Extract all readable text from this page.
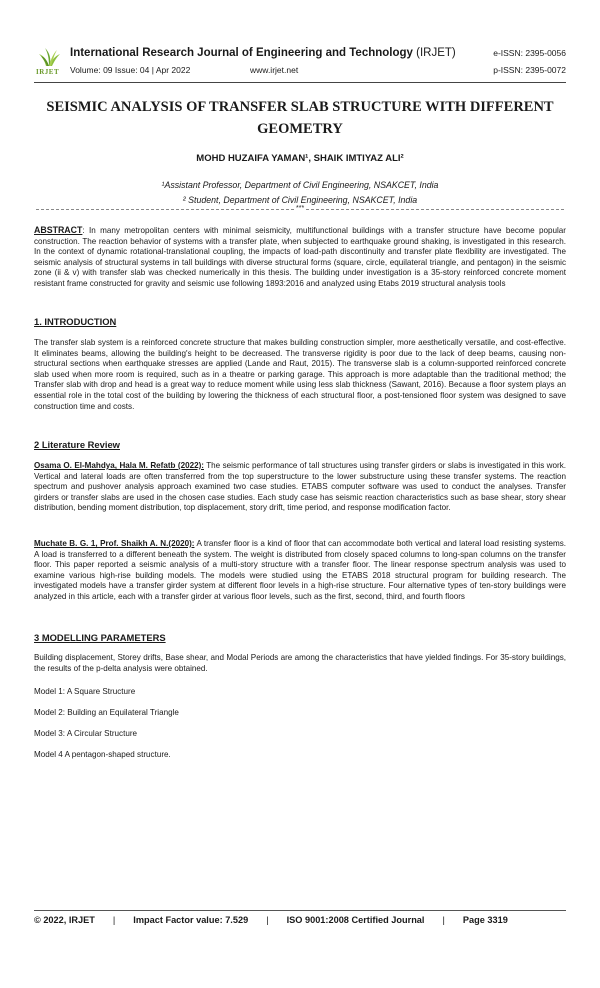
IRJET
International Research Journal of Engineering and Technology (IRJET)
Volume: 09 Issue: 04 | Apr 2022	www.irjet.net
e-ISSN: 2395-0056
p-ISSN: 2395-0072
SEISMIC ANALYSIS OF TRANSFER SLAB STRUCTURE WITH DIFFERENT GEOMETRY
MOHD HUZAIFA YAMAN¹, SHAIK IMTIYAZ ALI²
¹Assistant Professor, Department of Civil Engineering, NSAKCET, India
² Student, Department of Civil Engineering, NSAKCET, India
***
ABSTRACT: In many metropolitan centers with minimal seismicity, multifunctional buildings with a transfer structure have become popular construction. The reaction behavior of systems with a transfer plate, when subjected to earthquake ground shaking, is investigated in this research. In the context of dynamic rotational-translational coupling, the impacts of load-path discontinuity and transfer plate flexibility are investigated. The seismic analysis of structural systems in tall buildings with diverse structural forms (square, circle, equilateral triangle, and pentagon) in the seismic zone (ii & v) with transfer slab was checked numerically in this thesis. The building under investigation is a 35-story reinforced concrete moment resistant frame constructed for gravity and seismic use following 1893:2016 and analyzed using Etabs 2019 structural analysis tools
1. INTRODUCTION
The transfer slab system is a reinforced concrete structure that makes building construction simpler, more aesthetically versatile, and cost-effective. It eliminates beams, allowing the building's height to be decreased. The transverse rigidity is poor due to the lack of deep beams, causing non-structural sections when earthquake stresses are applied (Lande and Raut, 2015). The transverse slab is a column-supported reinforced concrete slab used when more room is required, such as in a theatre or parking garage. This approach is more adaptable than the traditional method; the Transfer slab with drop and head is a great way to reduce moment while using less slab thickness (Sawant, 2016). Because a floor system plays an essential role in the total cost of the building by lowering the thickness of each structural floor, a post-tensioned floor system was designed to save construction time and costs.
2 Literature Review
Osama O. El-Mahdya, Hala M. Refatb (2022): The seismic performance of tall structures using transfer girders or slabs is investigated in this work. Vertical and lateral loads are often transferred from the top superstructure to the lower substructure using these transfer systems. The reaction spectrum and pushover analysis approach examined two case studies. ETABS computer software was used to conduct the analyses. Transfer girders or transfer slabs are used in the chosen case studies. Each study case has seismic reaction characteristics such as base shear, story shear distribution, bending moment distribution, top displacement, story drift, time period, and response modification factor.
Muchate B. G. 1, Prof. Shaikh A. N.(2020): A transfer floor is a kind of floor that can accommodate both vertical and lateral load resisting systems. A load is transferred to a different beneath the system. The weight is distributed from closely spaced columns to long-span columns on the transfer floor. This paper reported a seismic analysis of a multi-story structure with a transfer floor. The linear response spectrum analysis was used to examine various high-rise building models. The models were studied using the ETABS 2018 structural program for building research. The investigated models have a transfer girder system at different floor levels in a high-rise structure. Four alternative types of ten-story buildings were analyzed in this article, each with a transfer girder at various floor levels, such as the first, second, third, and fourth floors
3 MODELLING PARAMETERS
Building displacement, Storey drifts, Base shear, and Modal Periods are among the characteristics that have yielded findings. For 35-story buildings, the results of the p-delta analysis were obtained.
Model 1: A Square Structure
Model 2: Building an Equilateral Triangle
Model 3: A Circular Structure
Model 4 A pentagon-shaped structure.
© 2022, IRJET | Impact Factor value: 7.529 | ISO 9001:2008 Certified Journal | Page 3319
